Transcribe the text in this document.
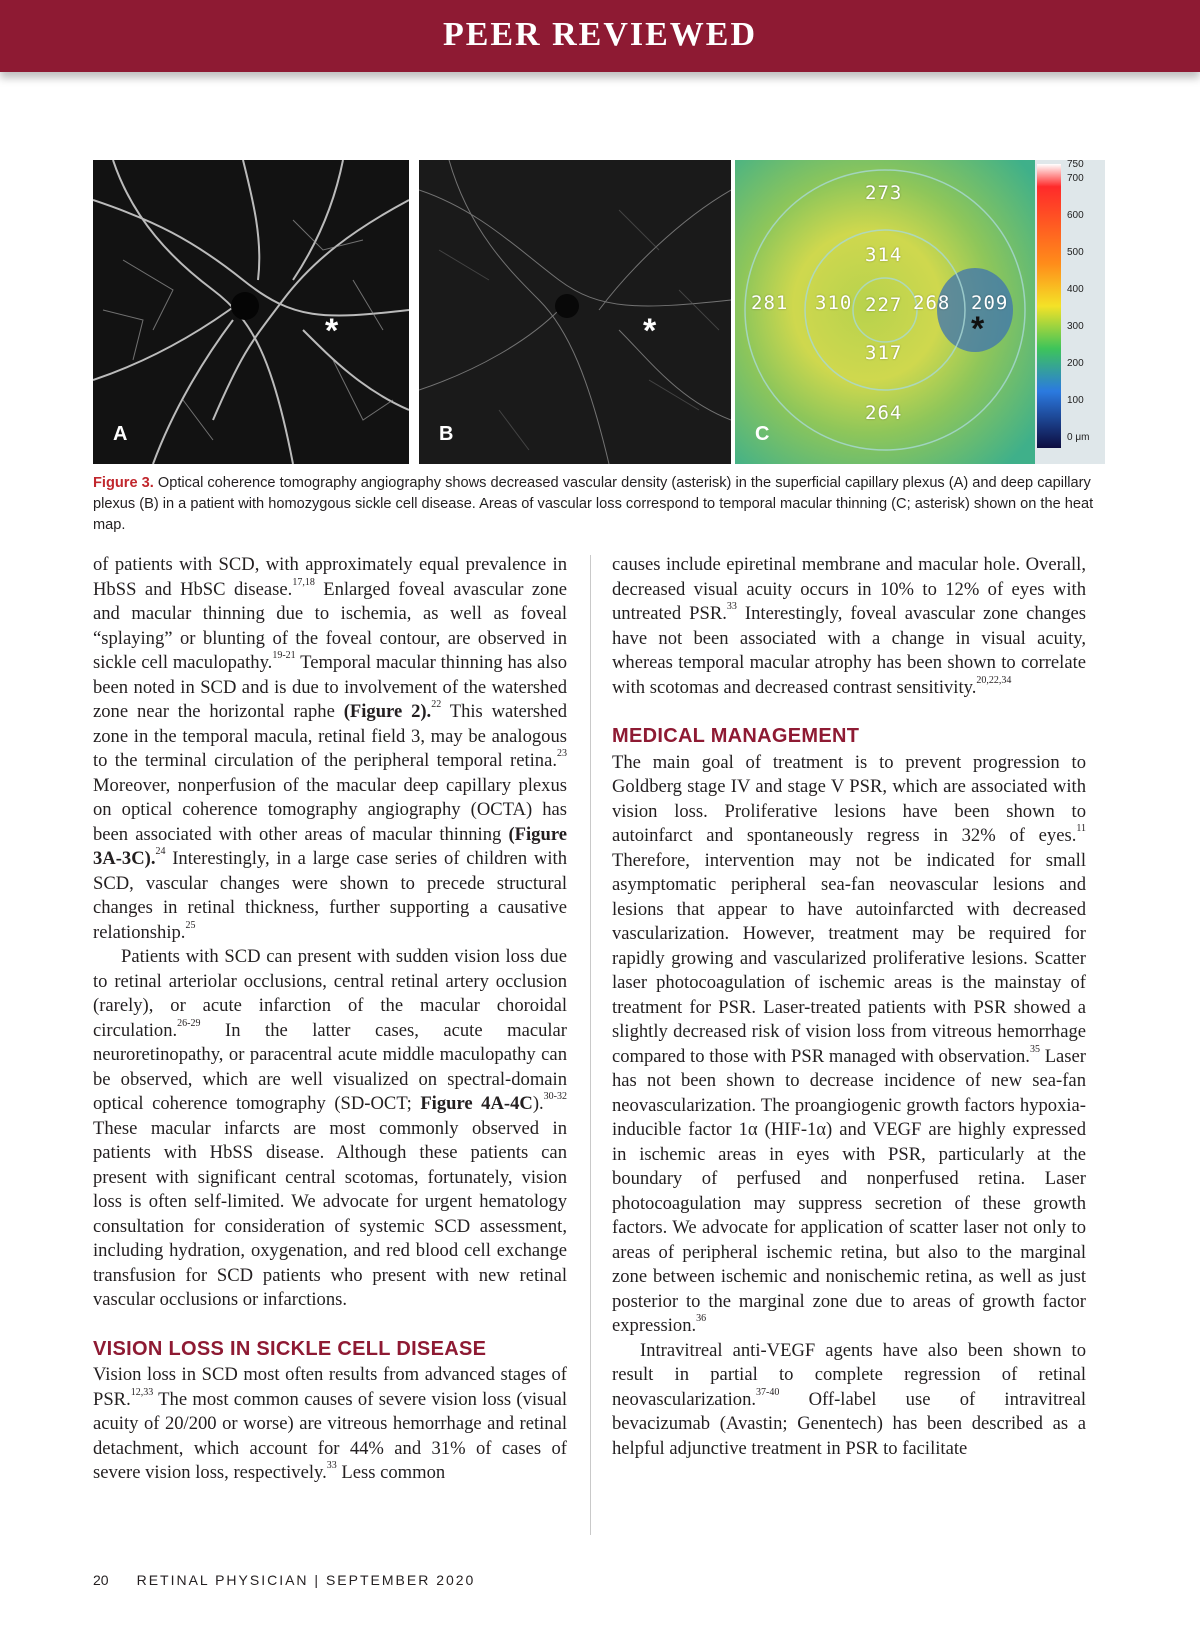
PEER REVIEWED
*
A
*
B
273
314
281 310 227 268 209
317
264
*
C
750
700
600
500
400
300
200
100
0 μm
Figure 3. Optical coherence tomography angiography shows decreased vascular density (asterisk) in the superficial capillary plexus (A) and deep capillary plexus (B) in a patient with homozygous sickle cell disease. Areas of vascular loss correspond to temporal macular thinning (C; asterisk) shown on the heat map.

of patients with SCD, with approximately equal prevalence in HbSS and HbSC disease.$^{17,18}$ Enlarged foveal avascular zone and macular thinning due to ischemia, as well as foveal “splaying” or blunting of the foveal contour, are observed in sickle cell maculopathy.$^{19-21}$ Temporal macular thinning has also been noted in SCD and is due to involvement of the watershed zone near the horizontal raphe (Figure 2).$^{22}$ This watershed zone in the temporal macula, retinal field 3, may be analogous to the terminal circulation of the peripheral temporal retina.$^{23}$ Moreover, nonperfusion of the macular deep capillary plexus on optical coherence tomography angiography (OCTA) has been associated with other areas of macular thinning (Figure 3A-3C).$^{24}$ Interestingly, in a large case series of children with SCD, vascular changes were shown to precede structural changes in retinal thickness, further supporting a causative relationship.$^{25}$

Patients with SCD can present with sudden vision loss due to retinal arteriolar occlusions, central retinal artery occlusion (rarely), or acute infarction of the macular choroidal circulation.$^{26-29}$ In the latter cases, acute macular neuroretinopathy, or paracentral acute middle maculopathy can be observed, which are well visualized on spectral-domain optical coherence tomography (SD-OCT; Figure 4A-4C).$^{30-32}$ These macular infarcts are most commonly observed in patients with HbSS disease. Although these patients can present with significant central scotomas, fortunately, vision loss is often self-limited. We advocate for urgent hematology consultation for consideration of systemic SCD assessment, including hydration, oxygenation, and red blood cell exchange transfusion for SCD patients who present with new retinal vascular occlusions or infarctions.

VISION LOSS IN SICKLE CELL DISEASE

Vision loss in SCD most often results from advanced stages of PSR.$^{12,33}$ The most common causes of severe vision loss (visual acuity of 20/200 or worse) are vitreous hemorrhage and retinal detachment, which account for 44% and 31% of cases of severe vision loss, respectively.$^{33}$ Less common

causes include epiretinal membrane and macular hole. Overall, decreased visual acuity occurs in 10% to 12% of eyes with untreated PSR.$^{33}$ Interestingly, foveal avascular zone changes have not been associated with a change in visual acuity, whereas temporal macular atrophy has been shown to correlate with scotomas and decreased contrast sensitivity.$^{20,22,34}$

MEDICAL MANAGEMENT

The main goal of treatment is to prevent progression to Goldberg stage IV and stage V PSR, which are associated with vision loss. Proliferative lesions have been shown to autoinfarct and spontaneously regress in 32% of eyes.$^{11}$ Therefore, intervention may not be indicated for small asymptomatic peripheral sea-fan neovascular lesions and lesions that appear to have autoinfarcted with decreased vascularization. However, treatment may be required for rapidly growing and vascularized proliferative lesions. Scatter laser photocoagulation of ischemic areas is the mainstay of treatment for PSR. Laser-treated patients with PSR showed a slightly decreased risk of vision loss from vitreous hemorrhage compared to those with PSR managed with observation.$^{35}$ Laser has not been shown to decrease incidence of new sea-fan neovascularization. The proangiogenic growth factors hypoxia-inducible factor 1α (HIF-1α) and VEGF are highly expressed in ischemic areas in eyes with PSR, particularly at the boundary of perfused and nonperfused retina. Laser photocoagulation may suppress secretion of these growth factors. We advocate for application of scatter laser not only to areas of peripheral ischemic retina, but also to the marginal zone between ischemic and nonischemic retina, as well as just posterior to the marginal zone due to areas of growth factor expression.$^{36}$

Intravitreal anti-VEGF agents have also been shown to result in partial to complete regression of retinal neovascularization.$^{37-40}$ Off-label use of intravitreal bevacizumab (Avastin; Genentech) has been described as a helpful adjunctive treatment in PSR to facilitate

20 RETINAL PHYSICIAN | SEPTEMBER 2020
